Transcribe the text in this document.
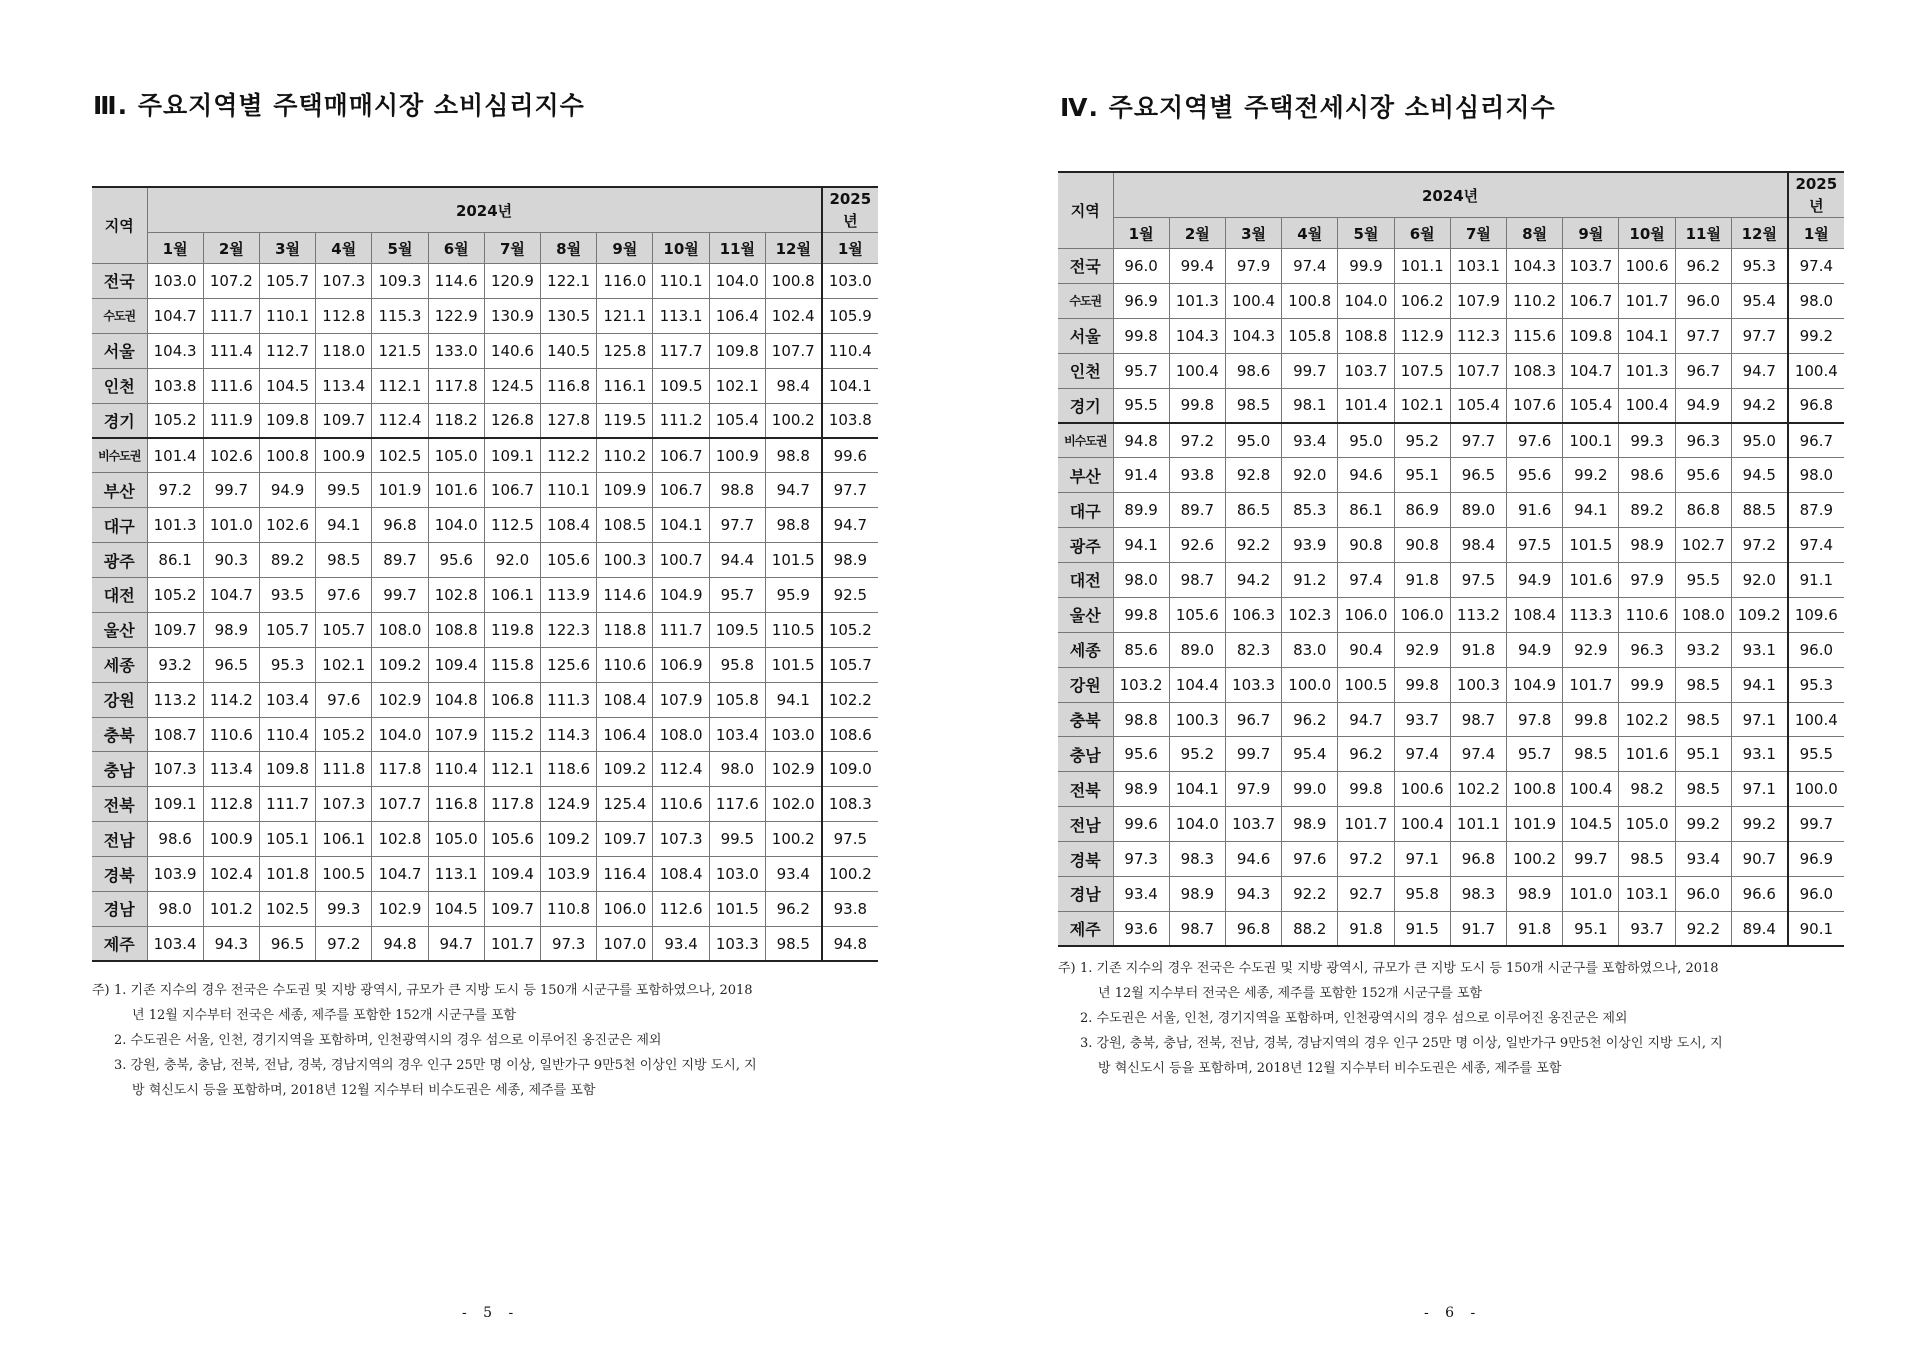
Ⅲ. 주요지역별 주택매매시장 소비심리지수
지역	2024년												2025년
	1월	2월	3월	4월	5월	6월	7월	8월	9월	10월	11월	12월	1월
전국	103.0	107.2	105.7	107.3	109.3	114.6	120.9	122.1	116.0	110.1	104.0	100.8	103.0
수도권	104.7	111.7	110.1	112.8	115.3	122.9	130.9	130.5	121.1	113.1	106.4	102.4	105.9
서울	104.3	111.4	112.7	118.0	121.5	133.0	140.6	140.5	125.8	117.7	109.8	107.7	110.4
인천	103.8	111.6	104.5	113.4	112.1	117.8	124.5	116.8	116.1	109.5	102.1	98.4	104.1
경기	105.2	111.9	109.8	109.7	112.4	118.2	126.8	127.8	119.5	111.2	105.4	100.2	103.8
비수도권	101.4	102.6	100.8	100.9	102.5	105.0	109.1	112.2	110.2	106.7	100.9	98.8	99.6
부산	97.2	99.7	94.9	99.5	101.9	101.6	106.7	110.1	109.9	106.7	98.8	94.7	97.7
대구	101.3	101.0	102.6	94.1	96.8	104.0	112.5	108.4	108.5	104.1	97.7	98.8	94.7
광주	86.1	90.3	89.2	98.5	89.7	95.6	92.0	105.6	100.3	100.7	94.4	101.5	98.9
대전	105.2	104.7	93.5	97.6	99.7	102.8	106.1	113.9	114.6	104.9	95.7	95.9	92.5
울산	109.7	98.9	105.7	105.7	108.0	108.8	119.8	122.3	118.8	111.7	109.5	110.5	105.2
세종	93.2	96.5	95.3	102.1	109.2	109.4	115.8	125.6	110.6	106.9	95.8	101.5	105.7
강원	113.2	114.2	103.4	97.6	102.9	104.8	106.8	111.3	108.4	107.9	105.8	94.1	102.2
충북	108.7	110.6	110.4	105.2	104.0	107.9	115.2	114.3	106.4	108.0	103.4	103.0	108.6
충남	107.3	113.4	109.8	111.8	117.8	110.4	112.1	118.6	109.2	112.4	98.0	102.9	109.0
전북	109.1	112.8	111.7	107.3	107.7	116.8	117.8	124.9	125.4	110.6	117.6	102.0	108.3
전남	98.6	100.9	105.1	106.1	102.8	105.0	105.6	109.2	109.7	107.3	99.5	100.2	97.5
경북	103.9	102.4	101.8	100.5	104.7	113.1	109.4	103.9	116.4	108.4	103.0	93.4	100.2
경남	98.0	101.2	102.5	99.3	102.9	104.5	109.7	110.8	106.0	112.6	101.5	96.2	93.8
제주	103.4	94.3	96.5	97.2	94.8	94.7	101.7	97.3	107.0	93.4	103.3	98.5	94.8
주) 1. 기존 지수의 경우 전국은 수도권 및 지방 광역시, 규모가 큰 지방 도시 등 150개 시군구를 포함하였으나, 2018
년 12월 지수부터 전국은 세종, 제주를 포함한 152개 시군구를 포함
2. 수도권은 서울, 인천, 경기지역을 포함하며, 인천광역시의 경우 섬으로 이루어진 옹진군은 제외
3. 강원, 충북, 충남, 전북, 전남, 경북, 경남지역의 경우 인구 25만 명 이상, 일반가구 9만5천 이상인 지방 도시, 지
방 혁신도시 등을 포함하며, 2018년 12월 지수부터 비수도권은 세종, 제주를 포함
- 5 -
Ⅳ. 주요지역별 주택전세시장 소비심리지수
지역	2024년												2025년
	1월	2월	3월	4월	5월	6월	7월	8월	9월	10월	11월	12월	1월
전국	96.0	99.4	97.9	97.4	99.9	101.1	103.1	104.3	103.7	100.6	96.2	95.3	97.4
수도권	96.9	101.3	100.4	100.8	104.0	106.2	107.9	110.2	106.7	101.7	96.0	95.4	98.0
서울	99.8	104.3	104.3	105.8	108.8	112.9	112.3	115.6	109.8	104.1	97.7	97.7	99.2
인천	95.7	100.4	98.6	99.7	103.7	107.5	107.7	108.3	104.7	101.3	96.7	94.7	100.4
경기	95.5	99.8	98.5	98.1	101.4	102.1	105.4	107.6	105.4	100.4	94.9	94.2	96.8
비수도권	94.8	97.2	95.0	93.4	95.0	95.2	97.7	97.6	100.1	99.3	96.3	95.0	96.7
부산	91.4	93.8	92.8	92.0	94.6	95.1	96.5	95.6	99.2	98.6	95.6	94.5	98.0
대구	89.9	89.7	86.5	85.3	86.1	86.9	89.0	91.6	94.1	89.2	86.8	88.5	87.9
광주	94.1	92.6	92.2	93.9	90.8	90.8	98.4	97.5	101.5	98.9	102.7	97.2	97.4
대전	98.0	98.7	94.2	91.2	97.4	91.8	97.5	94.9	101.6	97.9	95.5	92.0	91.1
울산	99.8	105.6	106.3	102.3	106.0	106.0	113.2	108.4	113.3	110.6	108.0	109.2	109.6
세종	85.6	89.0	82.3	83.0	90.4	92.9	91.8	94.9	92.9	96.3	93.2	93.1	96.0
강원	103.2	104.4	103.3	100.0	100.5	99.8	100.3	104.9	101.7	99.9	98.5	94.1	95.3
충북	98.8	100.3	96.7	96.2	94.7	93.7	98.7	97.8	99.8	102.2	98.5	97.1	100.4
충남	95.6	95.2	99.7	95.4	96.2	97.4	97.4	95.7	98.5	101.6	95.1	93.1	95.5
전북	98.9	104.1	97.9	99.0	99.8	100.6	102.2	100.8	100.4	98.2	98.5	97.1	100.0
전남	99.6	104.0	103.7	98.9	101.7	100.4	101.1	101.9	104.5	105.0	99.2	99.2	99.7
경북	97.3	98.3	94.6	97.6	97.2	97.1	96.8	100.2	99.7	98.5	93.4	90.7	96.9
경남	93.4	98.9	94.3	92.2	92.7	95.8	98.3	98.9	101.0	103.1	96.0	96.6	96.0
제주	93.6	98.7	96.8	88.2	91.8	91.5	91.7	91.8	95.1	93.7	92.2	89.4	90.1
주) 1. 기존 지수의 경우 전국은 수도권 및 지방 광역시, 규모가 큰 지방 도시 등 150개 시군구를 포함하였으나, 2018
년 12월 지수부터 전국은 세종, 제주를 포함한 152개 시군구를 포함
2. 수도권은 서울, 인천, 경기지역을 포함하며, 인천광역시의 경우 섬으로 이루어진 옹진군은 제외
3. 강원, 충북, 충남, 전북, 전남, 경북, 경남지역의 경우 인구 25만 명 이상, 일반가구 9만5천 이상인 지방 도시, 지
방 혁신도시 등을 포함하며, 2018년 12월 지수부터 비수도권은 세종, 제주를 포함
- 6 -
